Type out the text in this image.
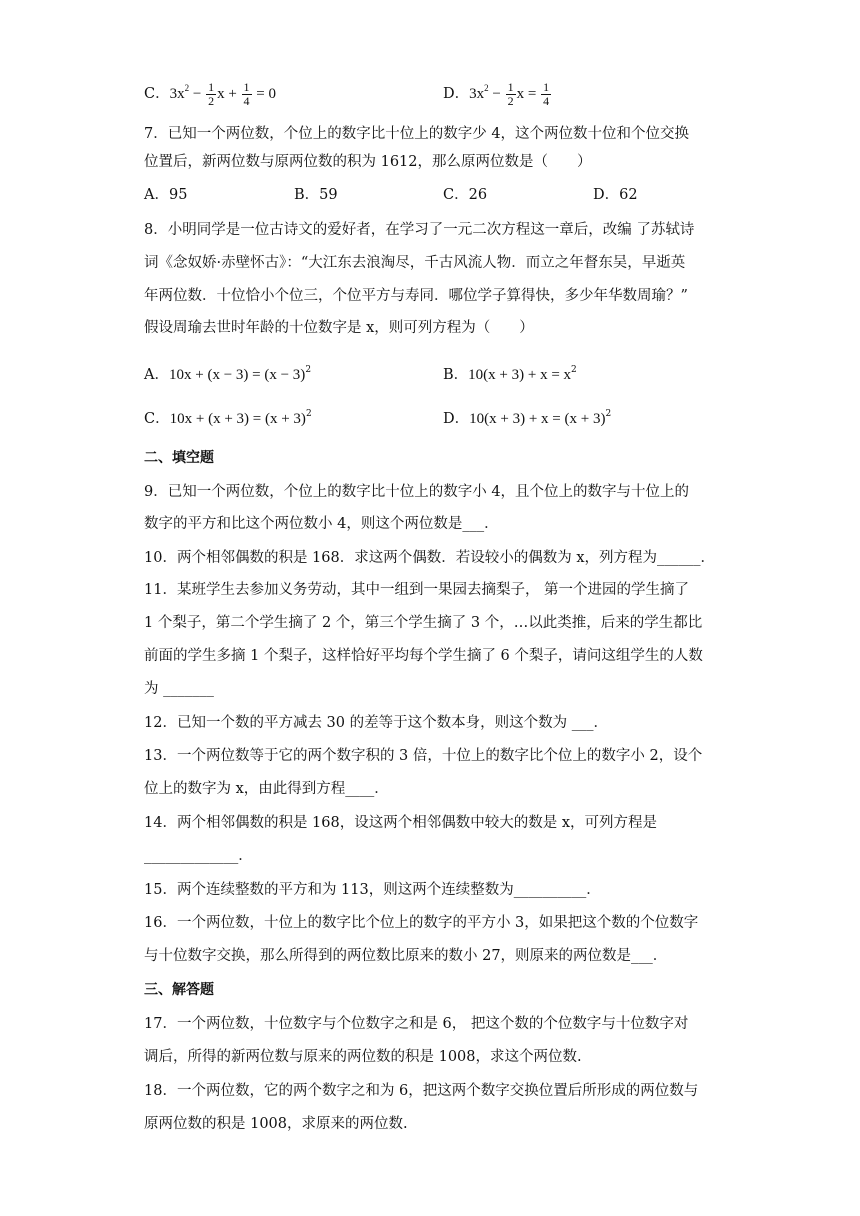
C．$3x^2 - \frac{1}{2}$ $x + \frac{1}{4} = 0$	D．$3x^2 - \frac{1}{2}$ $x = \frac{1}{4}$
7．已知一个两位数，个位上的数字比十位上的数字少 4，这个两位数十位和个位交换
位置后，新两位数与原两位数的积为 1612，那么原两位数是（　　）
A．95	B．59	C．26	D．62
8．小明同学是一位古诗文的爱好者，在学习了一元二次方程这一章后，改编 了苏轼诗
词《念奴娇·赤壁怀古》：“大江东去浪淘尽，千古风流人物．而立之年督东吴，早逝英
年两位数．十位恰小个位三，个位平方与寿同．哪位学子算得快，多少年华数周瑜？”
假设周瑜去世时年龄的十位数字是 x，则可列方程为（　　）
A．$10x + (x - 3) = (x - 3)^2$	B．$10(x + 3) + x = x^2$
C．$10x + (x + 3) = (x + 3)^2$	D．$10(x + 3) + x = (x + 3)^2$
二、填空题
9．已知一个两位数，个位上的数字比十位上的数字小 4，且个位上的数字与十位上的
数字的平方和比这个两位数小 4，则这个两位数是___．
10．两个相邻偶数的积是 168．求这两个偶数．若设较小的偶数为 x，列方程为______．
11．某班学生去参加义务劳动，其中一组到一果园去摘梨子， 第一个进园的学生摘了
1 个梨子，第二个学生摘了 2 个，第三个学生摘了 3 个，…以此类推，后来的学生都比
前面的学生多摘 1 个梨子，这样恰好平均每个学生摘了 6 个梨子，请问这组学生的人数
为 _______
12．已知一个数的平方减去 30 的差等于这个数本身，则这个数为 ___．
13．一个两位数等于它的两个数字积的 3 倍，十位上的数字比个位上的数字小 2，设个
位上的数字为 x，由此得到方程____．
14．两个相邻偶数的积是 168，设这两个相邻偶数中较大的数是 x，可列方程是
_____________．
15．两个连续整数的平方和为 113，则这两个连续整数为__________．
16．一个两位数，十位上的数字比个位上的数字的平方小 3，如果把这个数的个位数字
与十位数字交换，那么所得到的两位数比原来的数小 27，则原来的两位数是___．
三、解答题
17．一个两位数，十位数字与个位数字之和是 6， 把这个数的个位数字与十位数字对
调后，所得的新两位数与原来的两位数的积是 1008，求这个两位数.
18．一个两位数，它的两个数字之和为 6，把这两个数字交换位置后所形成的两位数与
原两位数的积是 1008，求原来的两位数.
